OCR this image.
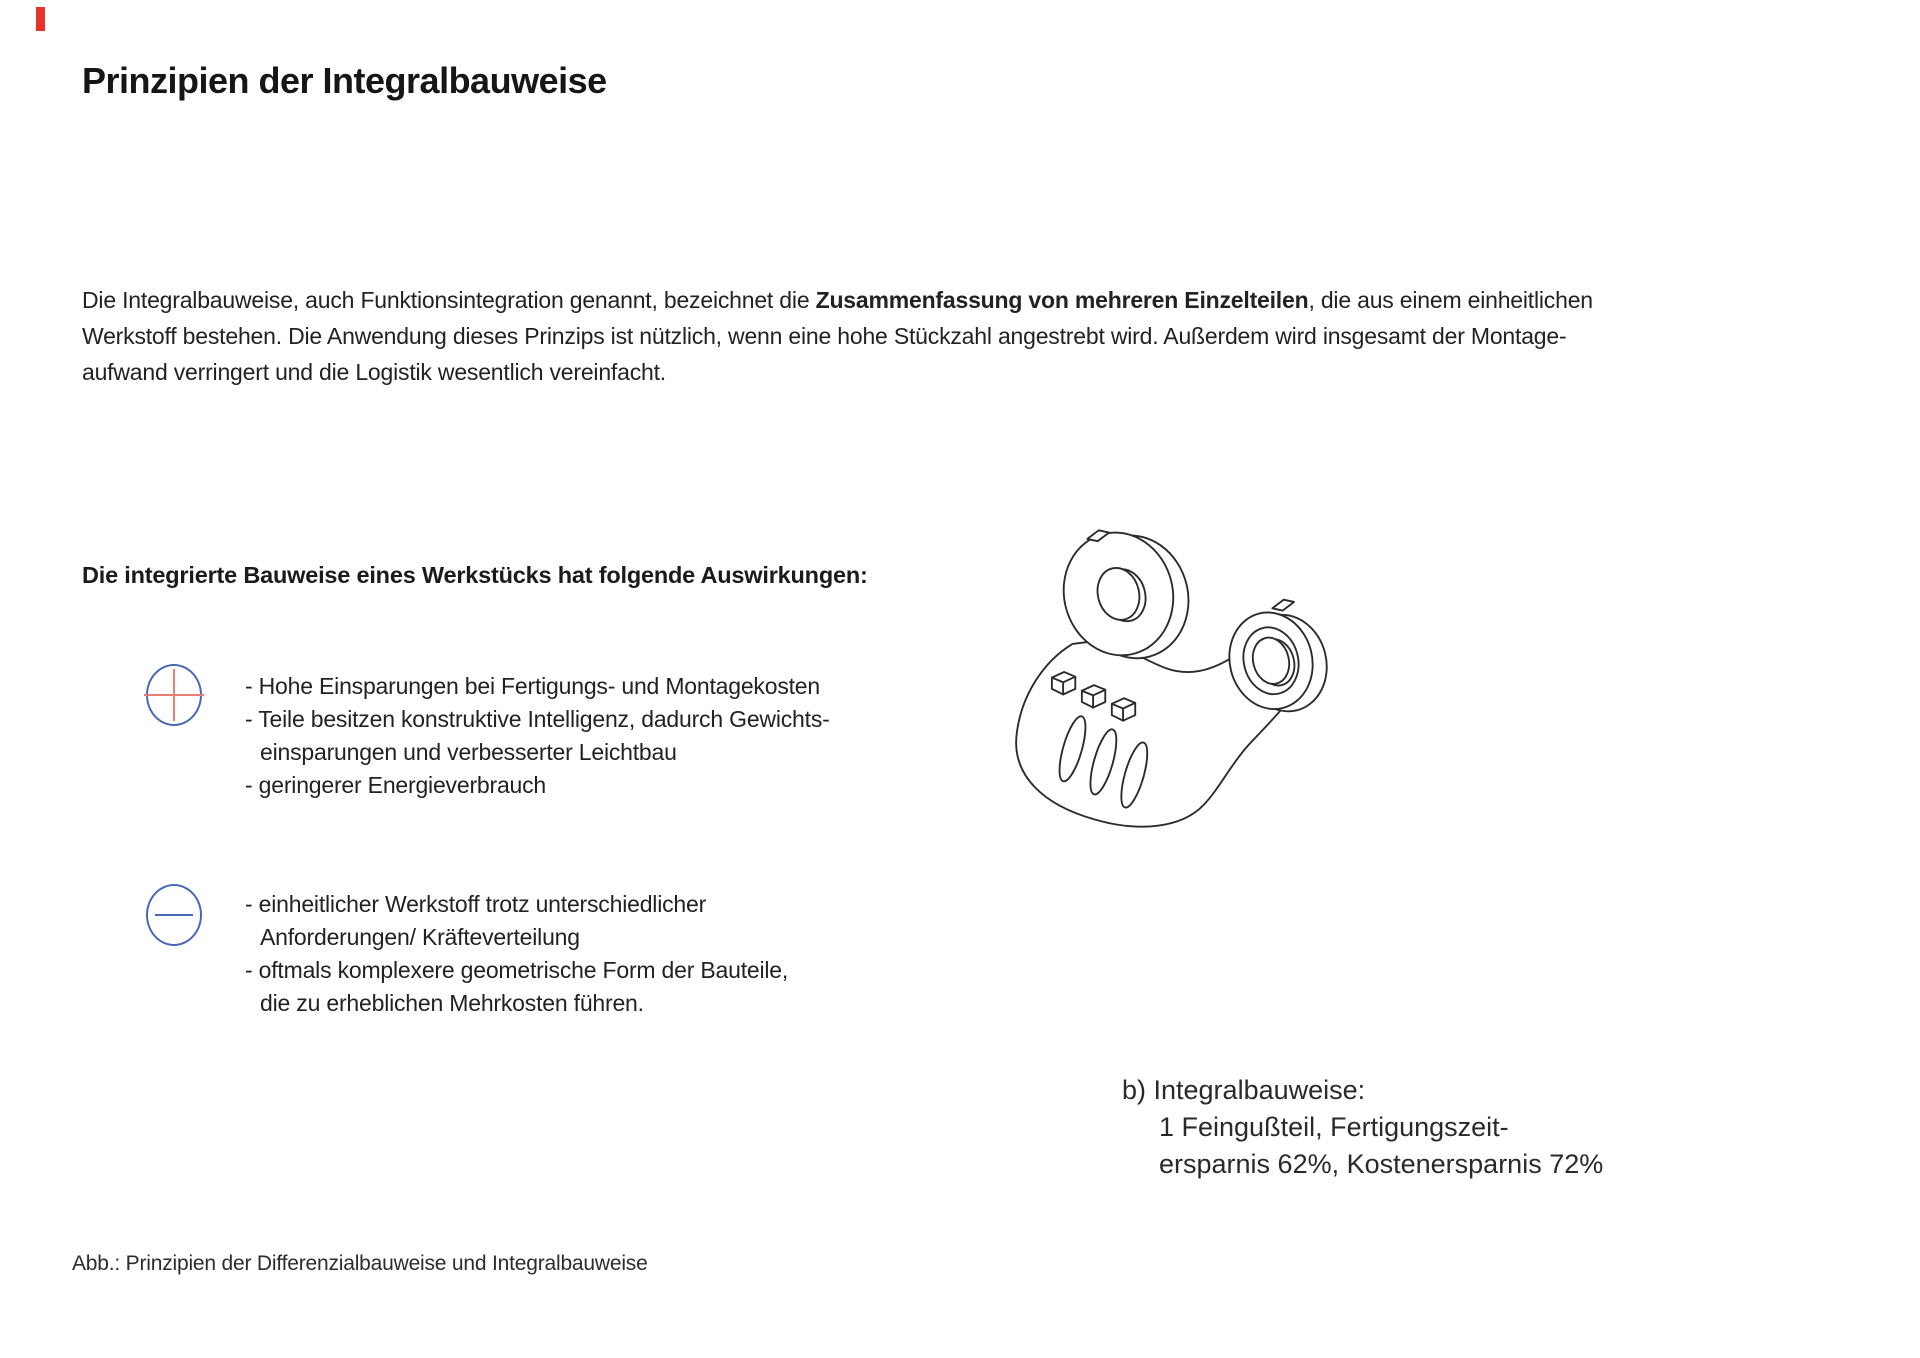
Prinzipien der Integralbauweise
Die Integralbauweise, auch Funktionsintegration genannt, bezeichnet die Zusammenfassung von mehreren Einzelteilen, die aus einem einheitlichen
Werkstoff bestehen. Die Anwendung dieses Prinzips ist nützlich, wenn eine hohe Stückzahl angestrebt wird. Außerdem wird insgesamt der Montage-
aufwand verringert und die Logistik wesentlich vereinfacht.
Die integrierte Bauweise eines Werkstücks hat folgende Auswirkungen:
- Hohe Einsparungen bei Fertigungs- und Montagekosten
- Teile besitzen konstruktive Intelligenz, dadurch Gewichts-
einsparungen und verbesserter Leichtbau
- geringerer Energieverbrauch
- einheitlicher Werkstoff trotz unterschiedlicher
Anforderungen/ Kräfteverteilung
- oftmals komplexere geometrische Form der Bauteile,
die zu erheblichen Mehrkosten führen.
b) Integralbauweise:
1 Feingußteil, Fertigungszeit-
ersparnis 62%, Kostenersparnis 72%
Abb.: Prinzipien der Differenzialbauweise und Integralbauweise
